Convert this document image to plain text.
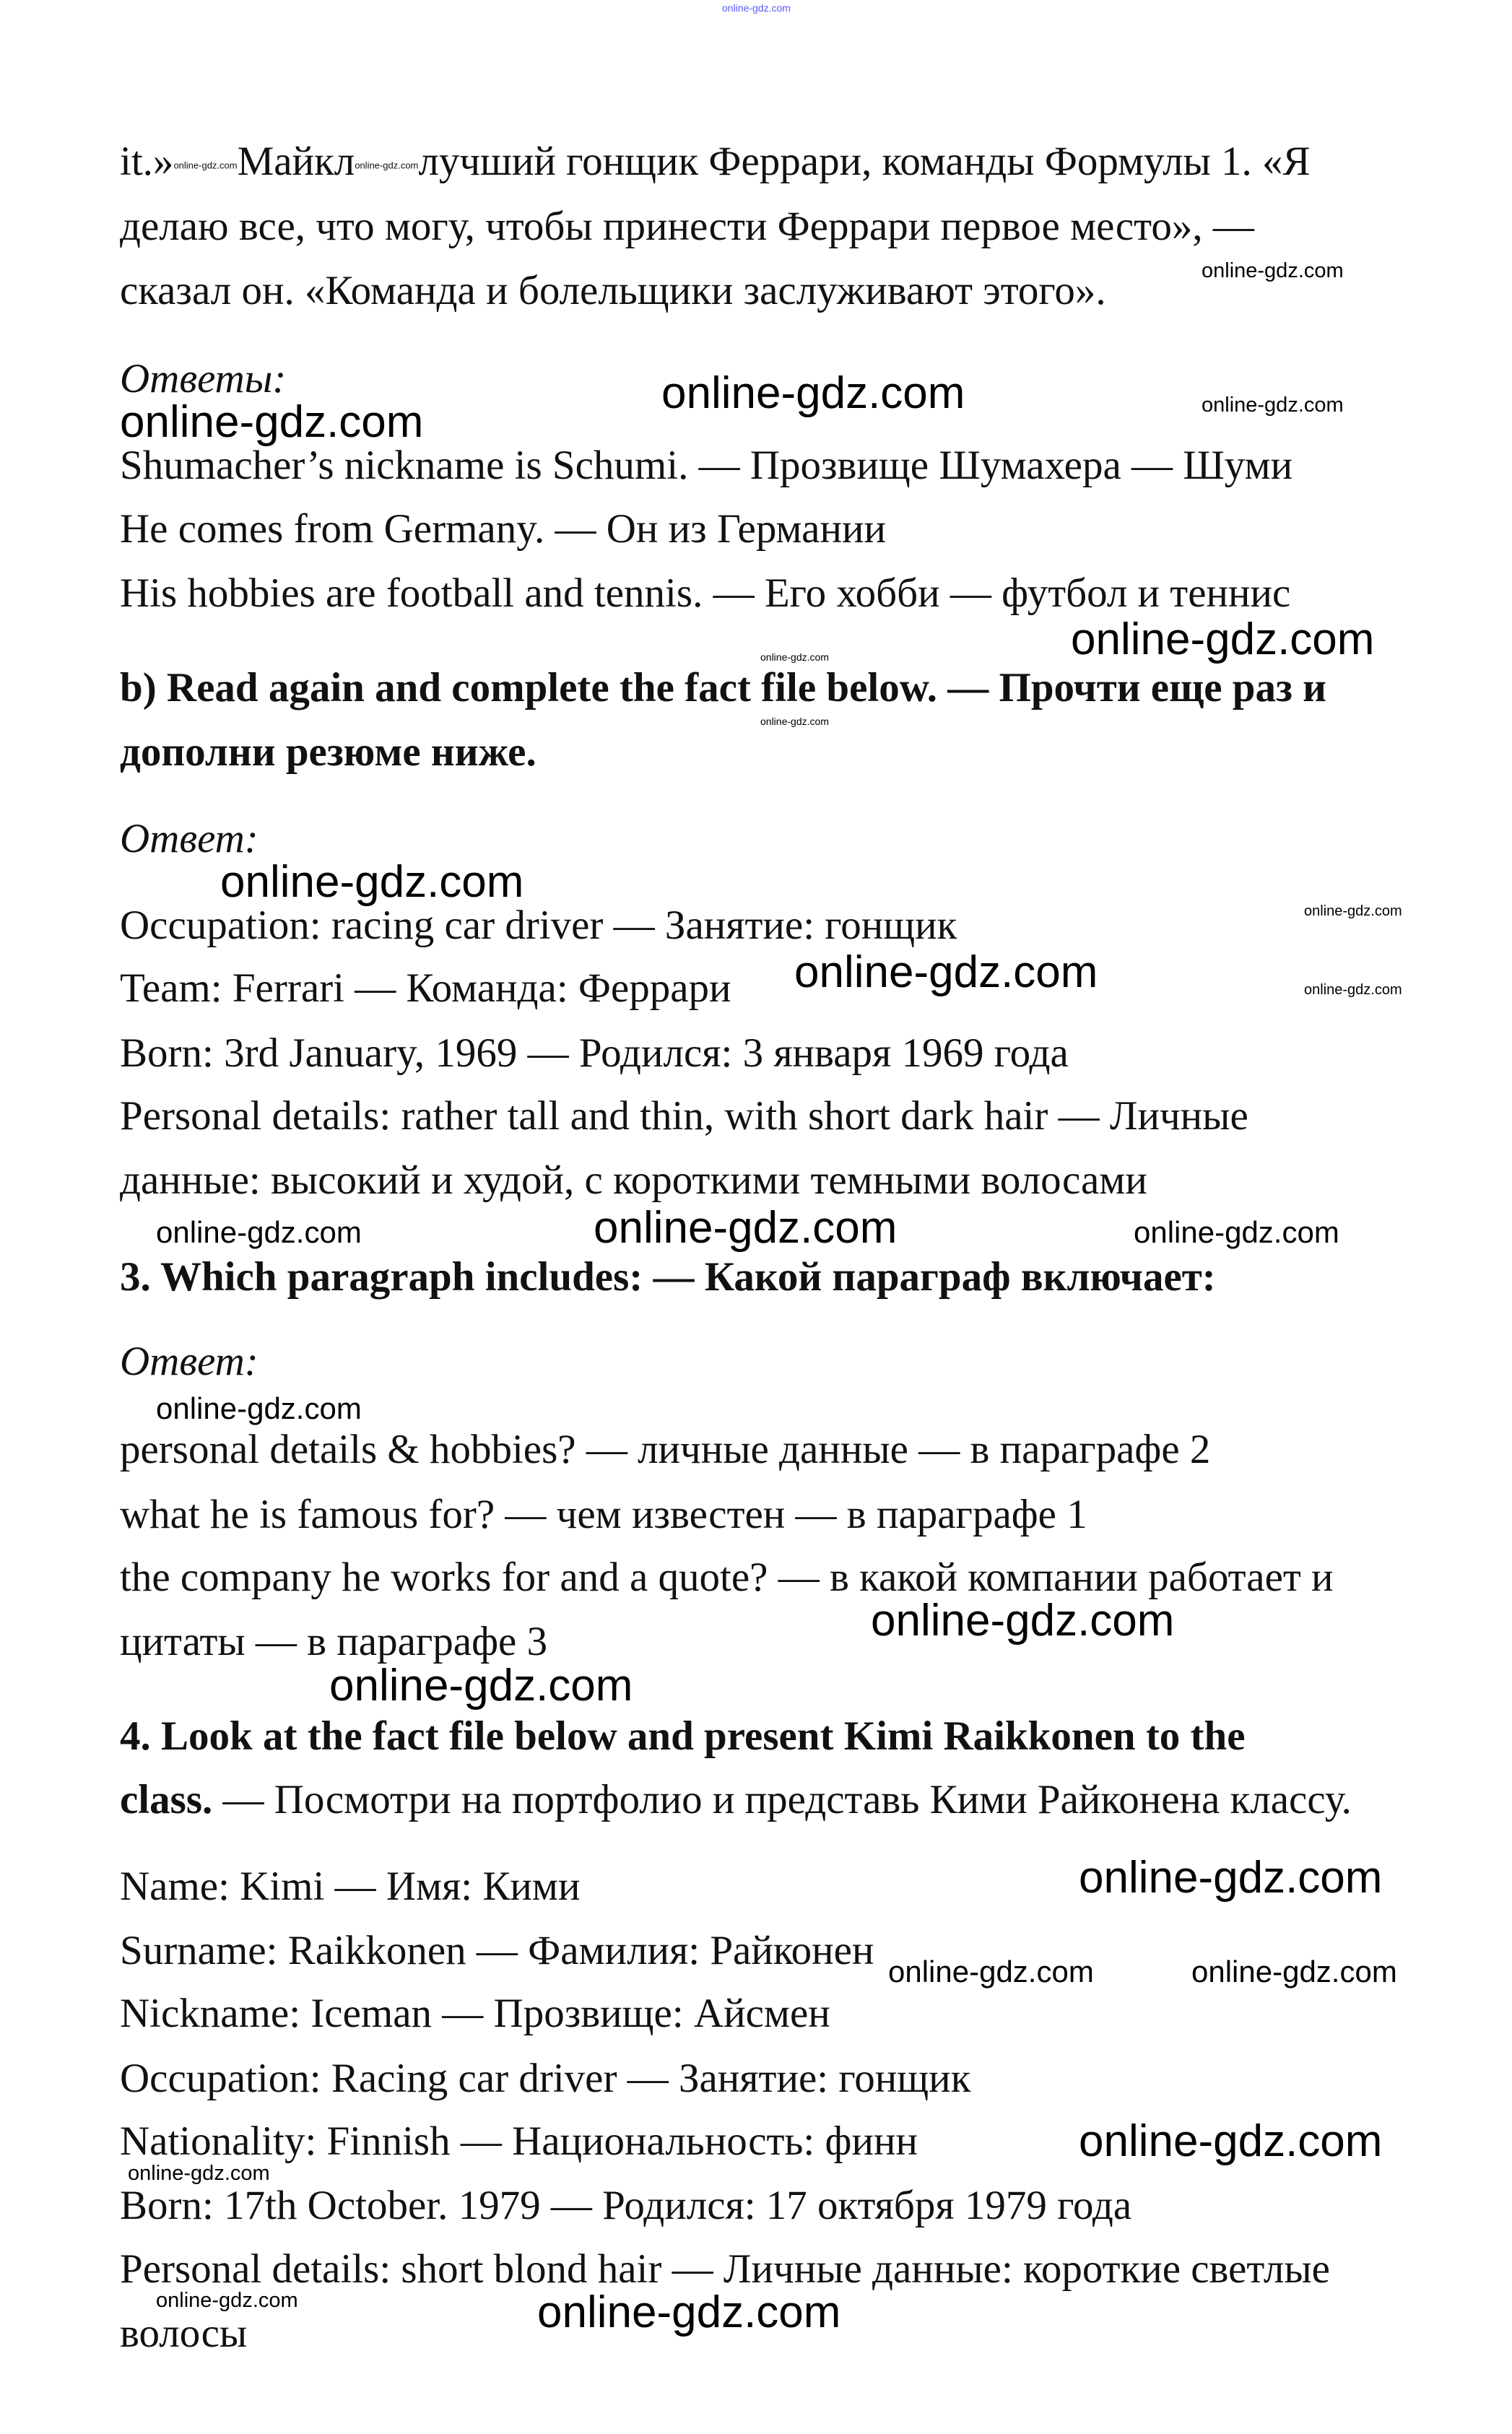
online-gdz.com
it.»online-gdz.comМайклonline-gdz.comлучший гонщик Феррари, команды Формулы 1. «Я
делаю все, что могу, чтобы принести Феррари первое место», —
сказал он. «Команда и болельщики заслуживают этого».
Ответы:
Shumacher’s nickname is Schumi. — Прозвище Шумахера — Шуми
He comes from Germany. — Он из Германии
His hobbies are football and tennis. — Его хобби — футбол и теннис
b) Read again and complete the fact file below. — Прочти еще раз и
дополни резюме ниже.
Ответ:
Occupation: racing car driver — Занятие: гонщик
Team: Ferrari — Команда: Феррари
Born: 3rd January, 1969 — Родился: 3 января 1969 года
Personal details: rather tall and thin, with short dark hair — Личные
данные: высокий и худой, с короткими темными волосами
3. Which paragraph includes: — Какой параграф включает:
Ответ:
personal details & hobbies? — личные данные — в параграфе 2
what he is famous for? — чем известен — в параграфе 1
the company he works for and a quote? — в какой компании работает и
цитаты — в параграфе 3
4. Look at the fact file below and present Kimi Raikkonen to the
class. — Посмотри на портфолио и представь Кими Райконена классу.
Name: Kimi — Имя: Кими
Surname: Raikkonen — Фамилия: Райконен
Nickname: Iceman — Прозвище: Айсмен
Occupation: Racing car driver — Занятие: гонщик
Nationality: Finnish — Национальность: финн
Born: 17th October. 1979 — Родился: 17 октября 1979 года
Personal details: short blond hair — Личные данные: короткие светлые
волосы
online-gdz.com
online-gdz.com
online-gdz.com
online-gdz.com
online-gdz.com
online-gdz.com
online-gdz.com
online-gdz.com
online-gdz.com
online-gdz.com
online-gdz.com
online-gdz.com	online-gdz.com
online-gdz.com
online-gdz.com	online-gdz.com
online-gdz.com
online-gdz.com
online-gdz.com
online-gdz.com
online-gdz.com
online-gdz.com
online-gdz.com
online-gdz.com
